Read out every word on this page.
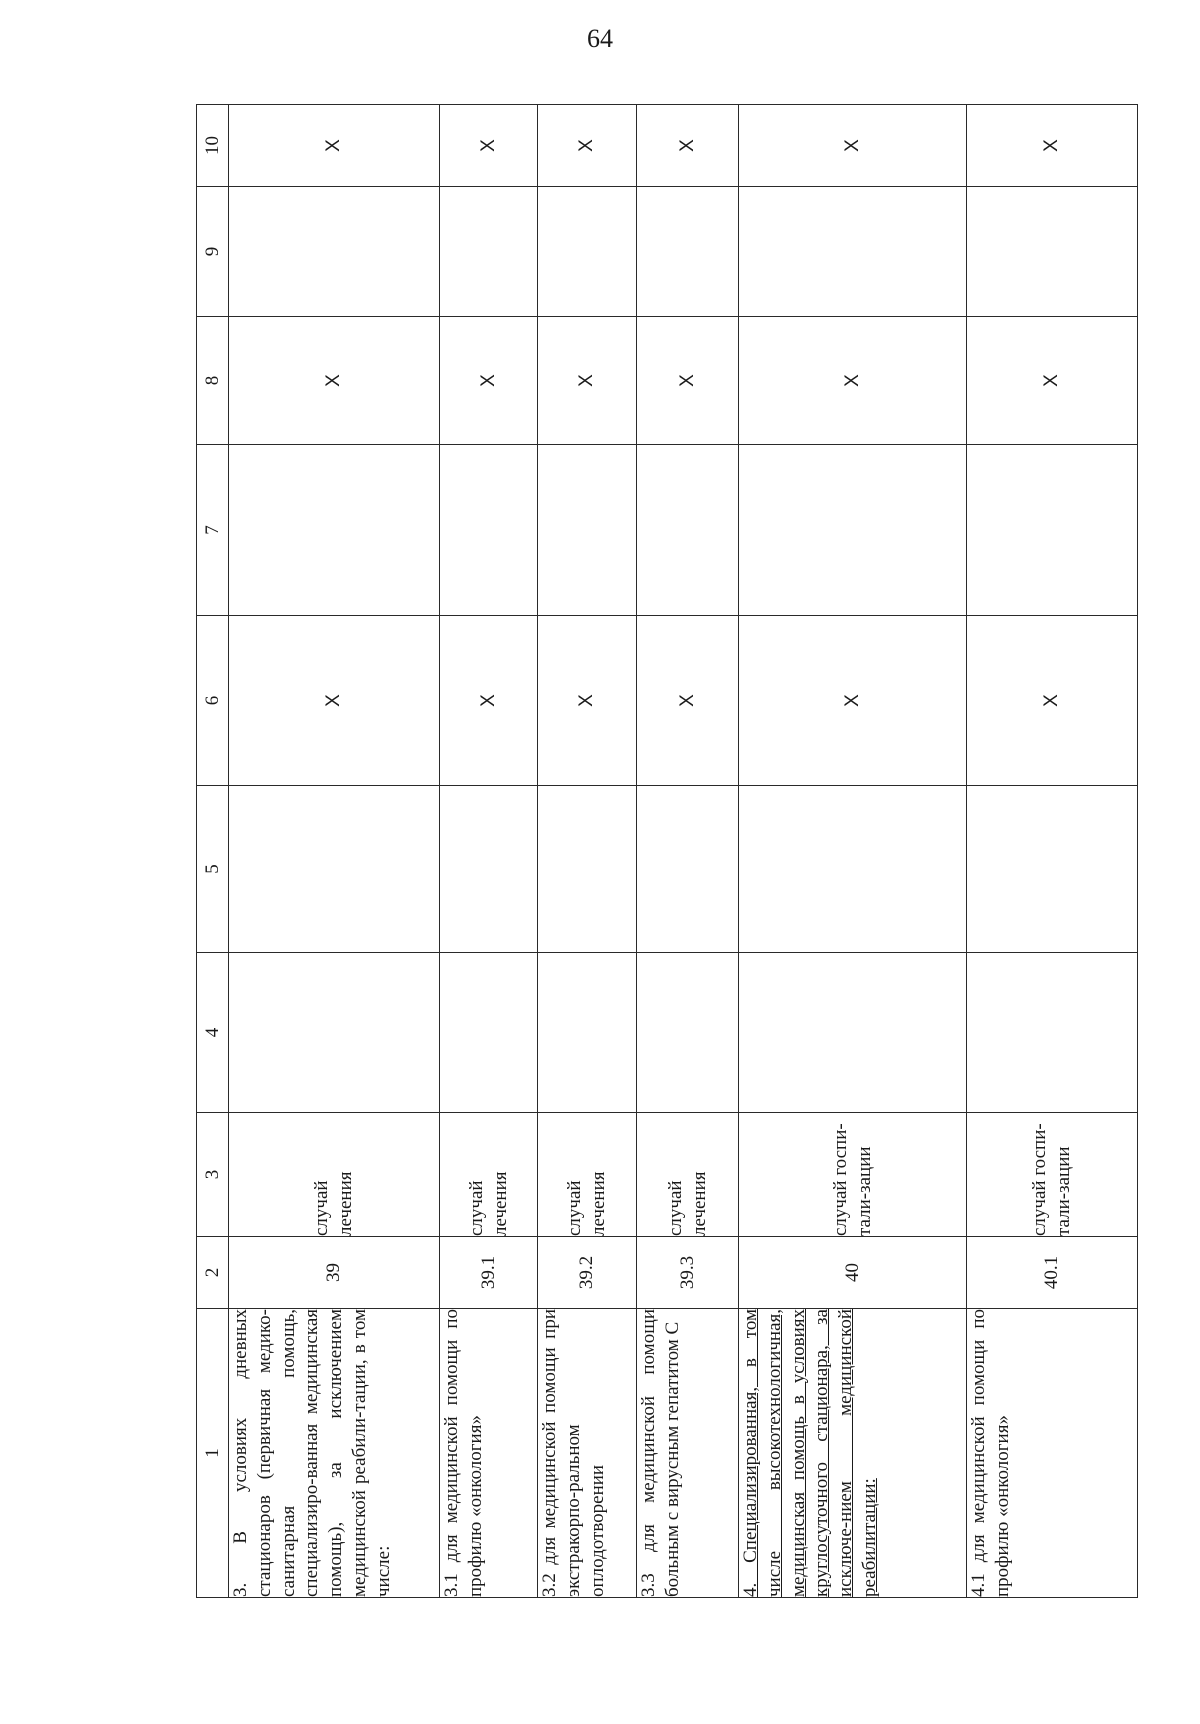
64
1	2	3	4	5	6	7	8	9	10
3. В условиях дневных стационаров (первичная медико-санитарная помощь, специализиро-ванная медицинская помощь), за исключением медицинской реабили-тации, в том числе:	39	случай лечения			Х		Х		Х
3.1 для медицинской помощи по профилю «онкология»	39.1	случай лечения			Х		Х		Х
3.2 для медицинской помощи при экстракорпо-ральном оплодотворении	39.2	случай лечения			Х		Х		Х
3.3 для медицинской помощи больным с вирусным гепатитом С	39.3	случай лечения			Х		Х		Х
4. Специализированная, в том числе высокотехнологичная, медицинская помощь в условиях круглосуточного стационара, за исключе-нием медицинской реабилитации:	40	случай госпи-тали-зации			Х		Х		Х
4.1 для медицинской помощи по профилю «онкология»	40.1	случай госпи-тали-зации			Х		Х		Х
